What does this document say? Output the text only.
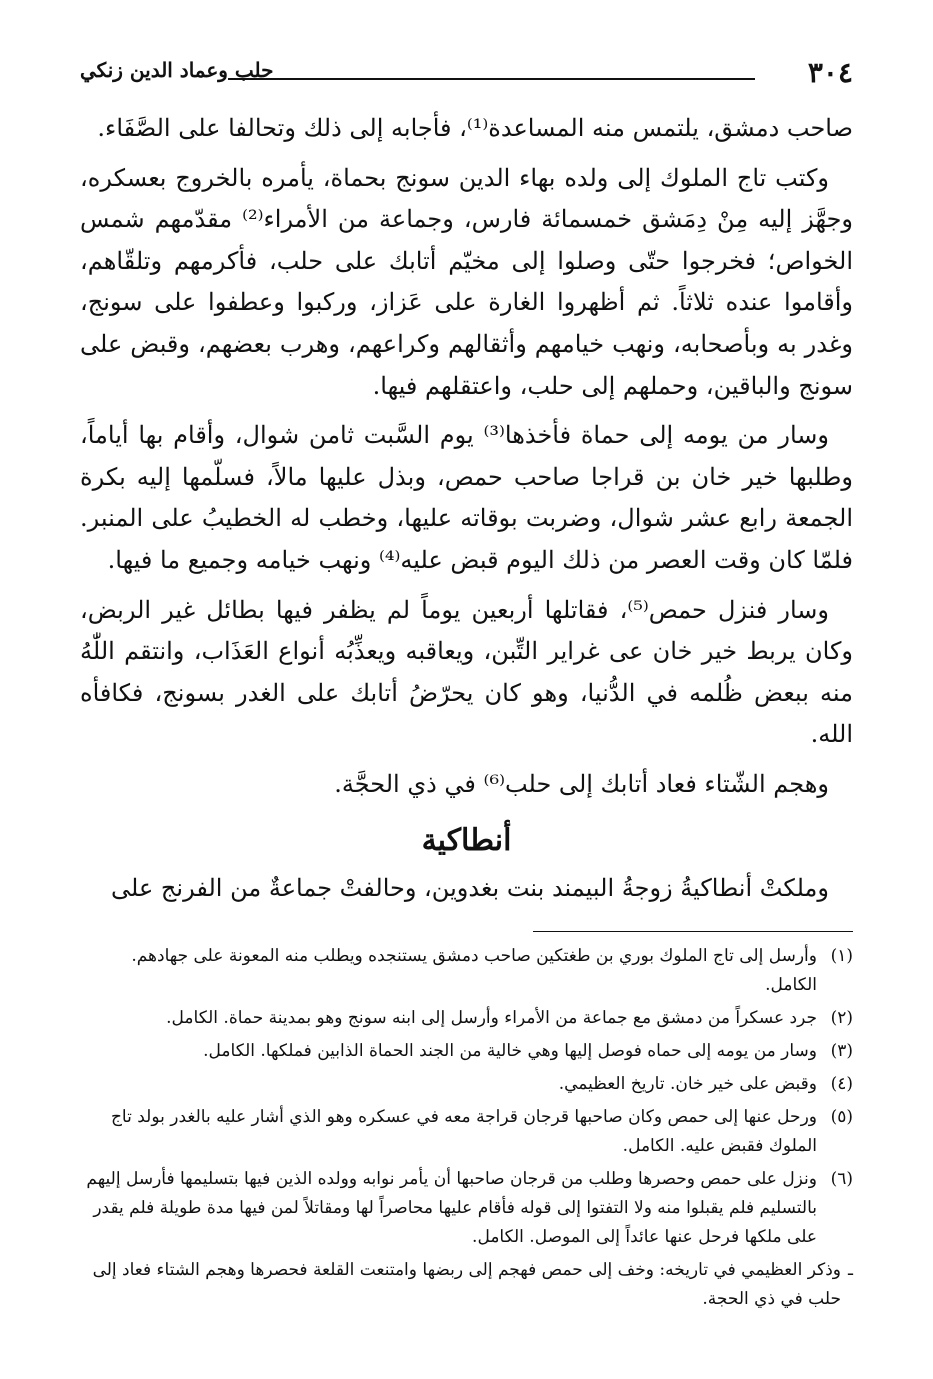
٣٠٤
حلب وعماد الدين زنكي

صاحب دمشق، يلتمس منه المساعدة⁽¹⁾، فأجابه إلى ذلك وتحالفا على الصَّفَاء.

وكتب تاج الملوك إلى ولده بهاء الدين سونج بحماة، يأمره بالخروج بعسكره، وجهَّز إليه مِنْ دِمَشق خمسمائة فارس، وجماعة من الأمراء⁽²⁾ مقدّمهم شمس الخواص؛ فخرجوا حتّى وصلوا إلى مخيّم أتابك على حلب، فأكرمهم وتلقّاهم، وأقاموا عنده ثلاثاً. ثم أظهروا الغارة على عَزاز، وركبوا وعطفوا على سونج، وغدر به وبأصحابه، ونهب خيامهم وأثقالهم وكراعهم، وهرب بعضهم، وقبض على سونج والباقين، وحملهم إلى حلب، واعتقلهم فيها.

وسار من يومه إلى حماة فأخذها⁽³⁾ يوم السَّبت ثامن شوال، وأقام بها أياماً، وطلبها خير خان بن قراجا صاحب حمص، وبذل عليها مالاً، فسلّمها إليه بكرة الجمعة رابع عشر شوال، وضربت بوقاته عليها، وخطب له الخطيبُ على المنبر. فلمّا كان وقت العصر من ذلك اليوم قبض عليه⁽⁴⁾ ونهب خيامه وجميع ما فيها.

وسار فنزل حمص⁽⁵⁾، فقاتلها أربعين يوماً لم يظفر فيها بطائل غير الربض، وكان يربط خير خان عى غراير التِّبن، ويعاقبه ويعذِّبُه أنواع العَذَاب، وانتقم اللّٰهُ منه ببعض ظُلمه في الدُّنيا، وهو كان يحرّضُ أتابك على الغدر بسونج، فكافأه الله.

وهجم الشّتاء فعاد أتابك إلى حلب⁽⁶⁾ في ذي الحجَّة.

أنطاكية

وملكتْ أنطاكيةُ زوجةُ البيمند بنت بغدوين، وحالفتْ جماعةٌ من الفرنج على

(١)
وأرسل إلى تاج الملوك بوري بن طغتكين صاحب دمشق يستنجده ويطلب منه المعونة على جهادهم. الكامل.
(٢)
جرد عسكراً من دمشق مع جماعة من الأمراء وأرسل إلى ابنه سونج وهو بمدينة حماة. الكامل.
(٣)
وسار من يومه إلى حماه فوصل إليها وهي خالية من الجند الحماة الذابين فملكها. الكامل.
(٤)
وقبض على خير خان. تاريخ العظيمي.
(٥)
ورحل عنها إلى حمص وكان صاحبها قرجان قراجة معه في عسكره وهو الذي أشار عليه بالغدر بولد تاج الملوك فقبض عليه. الكامل.
(٦)
ونزل على حمص وحصرها وطلب من قرجان صاحبها أن يأمر نوابه وولده الذين فيها بتسليمها فأرسل إليهم بالتسليم فلم يقبلوا منه ولا التفتوا إلى قوله فأقام عليها محاصراً لها ومقاتلاً لمن فيها مدة طويلة فلم يقدر على ملكها فرحل عنها عائداً إلى الموصل. الكامل.
ـ
وذكر العظيمي في تاريخه: وخف إلى حمص فهجم إلى ربضها وامتنعت القلعة فحصرها وهجم الشتاء فعاد إلى حلب في ذي الحجة.
